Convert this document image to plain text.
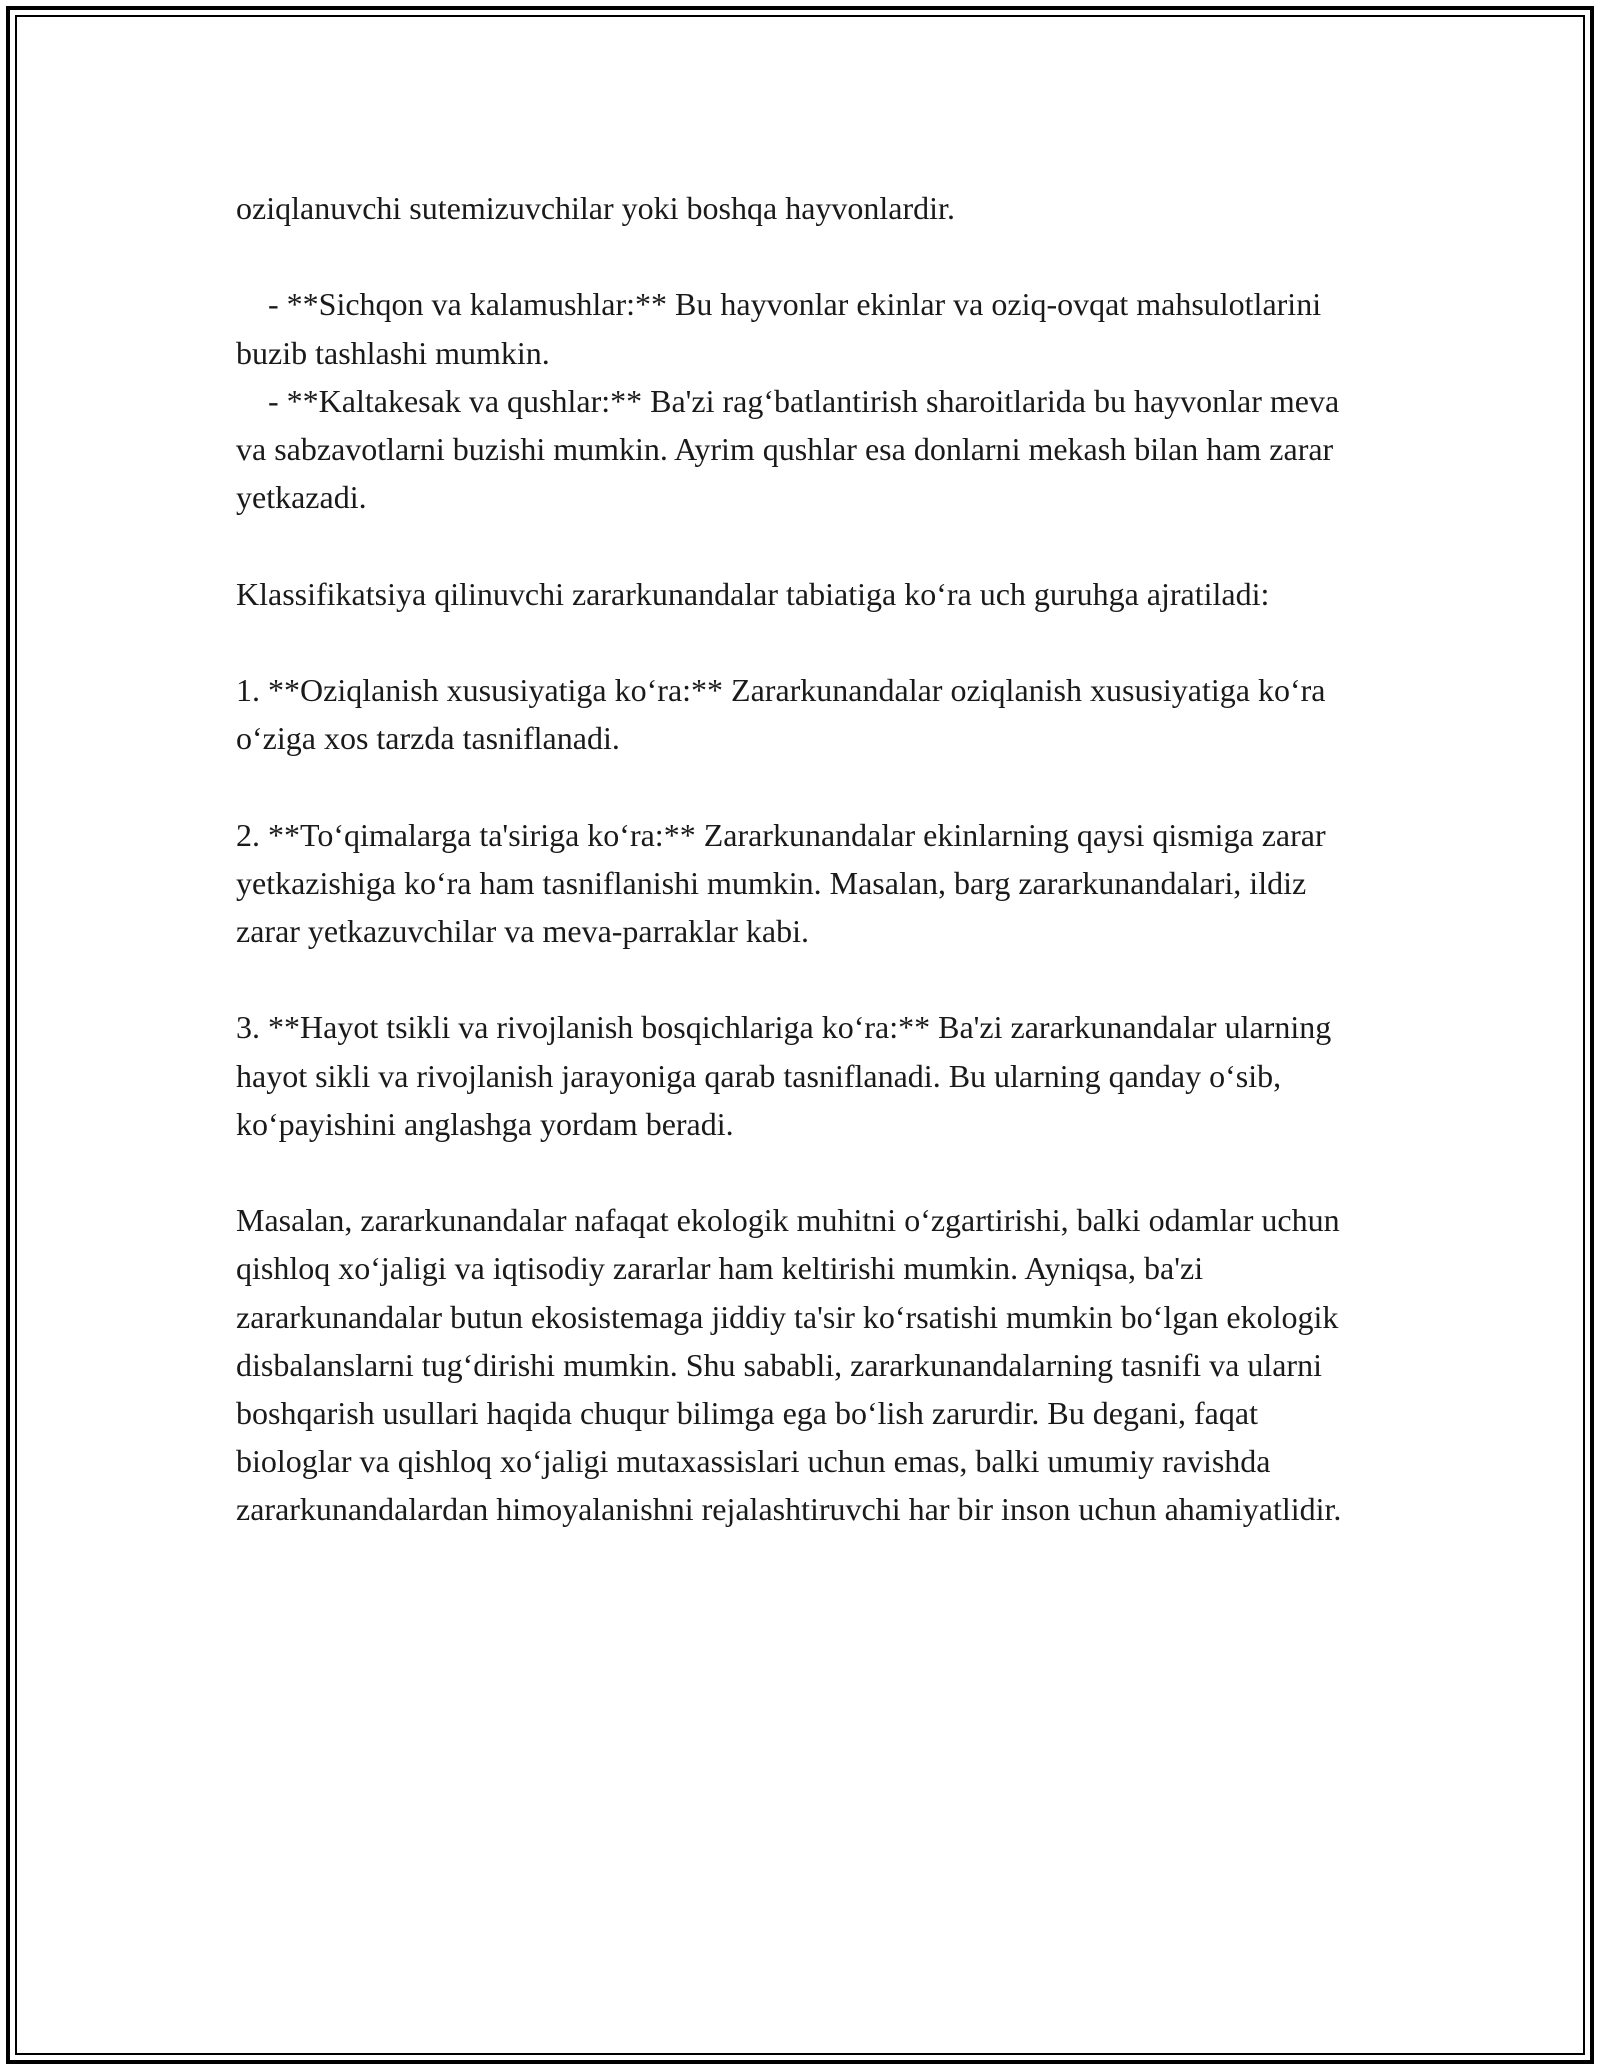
oziqlanuvchi sutemizuvchilar yoki boshqa hayvonlardir.

- **Sichqon va kalamushlar:** Bu hayvonlar ekinlar va oziq-ovqat mahsulotlarini buzib tashlashi mumkin.

- **Kaltakesak va qushlar:** Ba'zi rag‘batlantirish sharoitlarida bu hayvonlar meva va sabzavotlarni buzishi mumkin. Ayrim qushlar esa donlarni mekash bilan ham zarar yetkazadi.

Klassifikatsiya qilinuvchi zararkunandalar tabiatiga ko‘ra uch guruhga ajratiladi:

1. **Oziqlanish xususiyatiga ko‘ra:** Zararkunandalar oziqlanish xususiyatiga ko‘ra o‘ziga xos tarzda tasniflanadi.

2. **To‘qimalarga ta'siriga ko‘ra:** Zararkunandalar ekinlarning qaysi qismiga zarar yetkazishiga ko‘ra ham tasniflanishi mumkin. Masalan, barg zararkunandalari, ildiz zarar yetkazuvchilar va meva-parraklar kabi.

3. **Hayot tsikli va rivojlanish bosqichlariga ko‘ra:** Ba'zi zararkunandalar ularning hayot sikli va rivojlanish jarayoniga qarab tasniflanadi. Bu ularning qanday o‘sib, ko‘payishini anglashga yordam beradi.

Masalan, zararkunandalar nafaqat ekologik muhitni o‘zgartirishi, balki odamlar uchun qishloq xo‘jaligi va iqtisodiy zararlar ham keltirishi mumkin. Ayniqsa, ba'zi zararkunandalar butun ekosistemaga jiddiy ta'sir ko‘rsatishi mumkin bo‘lgan ekologik disbalanslarni tug‘dirishi mumkin. Shu sababli, zararkunandalarning tasnifi va ularni boshqarish usullari haqida chuqur bilimga ega bo‘lish zarurdir. Bu degani, faqat biologlar va qishloq xo‘jaligi mutaxassislari uchun emas, balki umumiy ravishda zararkunandalardan himoyalanishni rejalashtiruvchi har bir inson uchun ahamiyatlidir.
